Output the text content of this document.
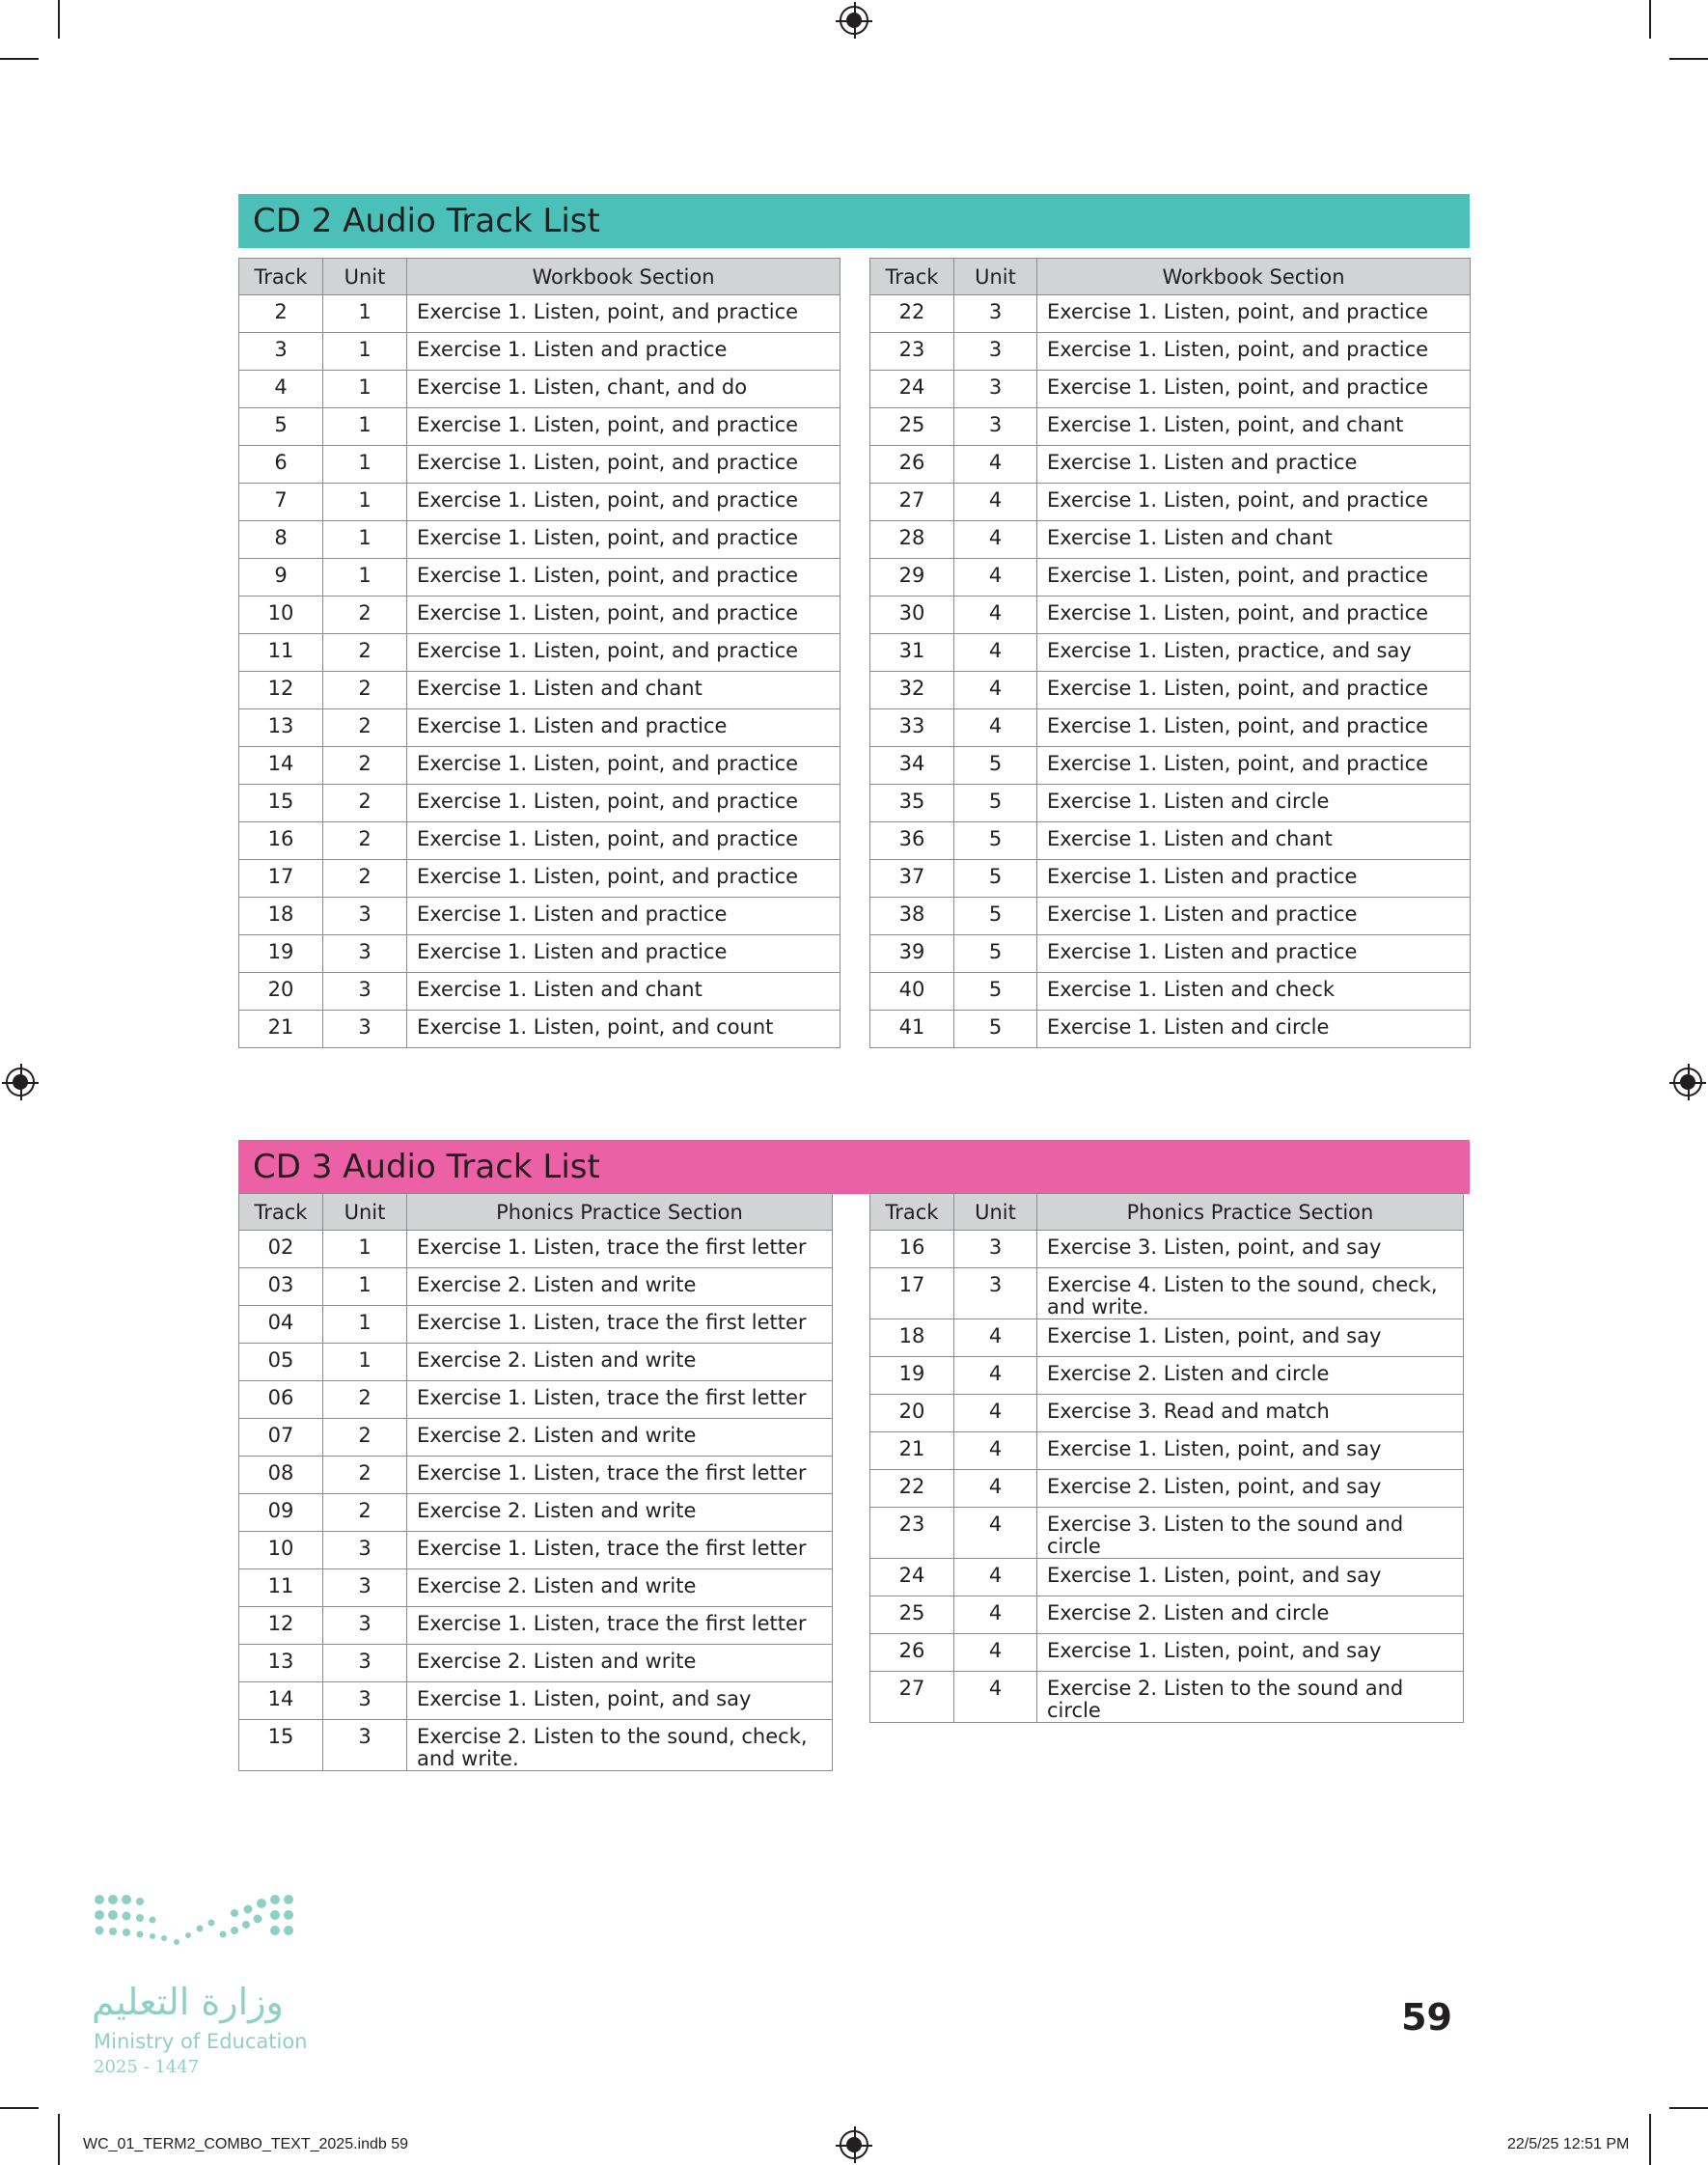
CD 2 Audio Track List
Track	Unit	Workbook Section
2	1	Exercise 1. Listen, point, and practice
3	1	Exercise 1. Listen and practice
4	1	Exercise 1. Listen, chant, and do
5	1	Exercise 1. Listen, point, and practice
6	1	Exercise 1. Listen, point, and practice
7	1	Exercise 1. Listen, point, and practice
8	1	Exercise 1. Listen, point, and practice
9	1	Exercise 1. Listen, point, and practice
10	2	Exercise 1. Listen, point, and practice
11	2	Exercise 1. Listen, point, and practice
12	2	Exercise 1. Listen and chant
13	2	Exercise 1. Listen and practice
14	2	Exercise 1. Listen, point, and practice
15	2	Exercise 1. Listen, point, and practice
16	2	Exercise 1. Listen, point, and practice
17	2	Exercise 1. Listen, point, and practice
18	3	Exercise 1. Listen and practice
19	3	Exercise 1. Listen and practice
20	3	Exercise 1. Listen and chant
21	3	Exercise 1. Listen, point, and count
Track	Unit	Workbook Section
22	3	Exercise 1. Listen, point, and practice
23	3	Exercise 1. Listen, point, and practice
24	3	Exercise 1. Listen, point, and practice
25	3	Exercise 1. Listen, point, and chant
26	4	Exercise 1. Listen and practice
27	4	Exercise 1. Listen, point, and practice
28	4	Exercise 1. Listen and chant
29	4	Exercise 1. Listen, point, and practice
30	4	Exercise 1. Listen, point, and practice
31	4	Exercise 1. Listen, practice, and say
32	4	Exercise 1. Listen, point, and practice
33	4	Exercise 1. Listen, point, and practice
34	5	Exercise 1. Listen, point, and practice
35	5	Exercise 1. Listen and circle
36	5	Exercise 1. Listen and chant
37	5	Exercise 1. Listen and practice
38	5	Exercise 1. Listen and practice
39	5	Exercise 1. Listen and practice
40	5	Exercise 1. Listen and check
41	5	Exercise 1. Listen and circle
CD 3 Audio Track List
Track	Unit	Phonics Practice Section
02	1	Exercise 1. Listen, trace the first letter
03	1	Exercise 2. Listen and write
04	1	Exercise 1. Listen, trace the first letter
05	1	Exercise 2. Listen and write
06	2	Exercise 1. Listen, trace the first letter
07	2	Exercise 2. Listen and write
08	2	Exercise 1. Listen, trace the first letter
09	2	Exercise 2. Listen and write
10	3	Exercise 1. Listen, trace the first letter
11	3	Exercise 2. Listen and write
12	3	Exercise 1. Listen, trace the first letter
13	3	Exercise 2. Listen and write
14	3	Exercise 1. Listen, point, and say
15	3	Exercise 2. Listen to the sound, check, and write.
Track	Unit	Phonics Practice Section
16	3	Exercise 3. Listen, point, and say
17	3	Exercise 4. Listen to the sound, check, and write.
18	4	Exercise 1. Listen, point, and say
19	4	Exercise 2. Listen and circle
20	4	Exercise 3. Read and match
21	4	Exercise 1. Listen, point, and say
22	4	Exercise 2. Listen, point, and say
23	4	Exercise 3. Listen to the sound and circle
24	4	Exercise 1. Listen, point, and say
25	4	Exercise 2. Listen and circle
26	4	Exercise 1. Listen, point, and say
27	4	Exercise 2. Listen to the sound and circle
وزارة التعليم
Ministry of Education
2025 - 1447
59
WC_01_TERM2_COMBO_TEXT_2025.indb 59	22/5/25 12:51 PM
